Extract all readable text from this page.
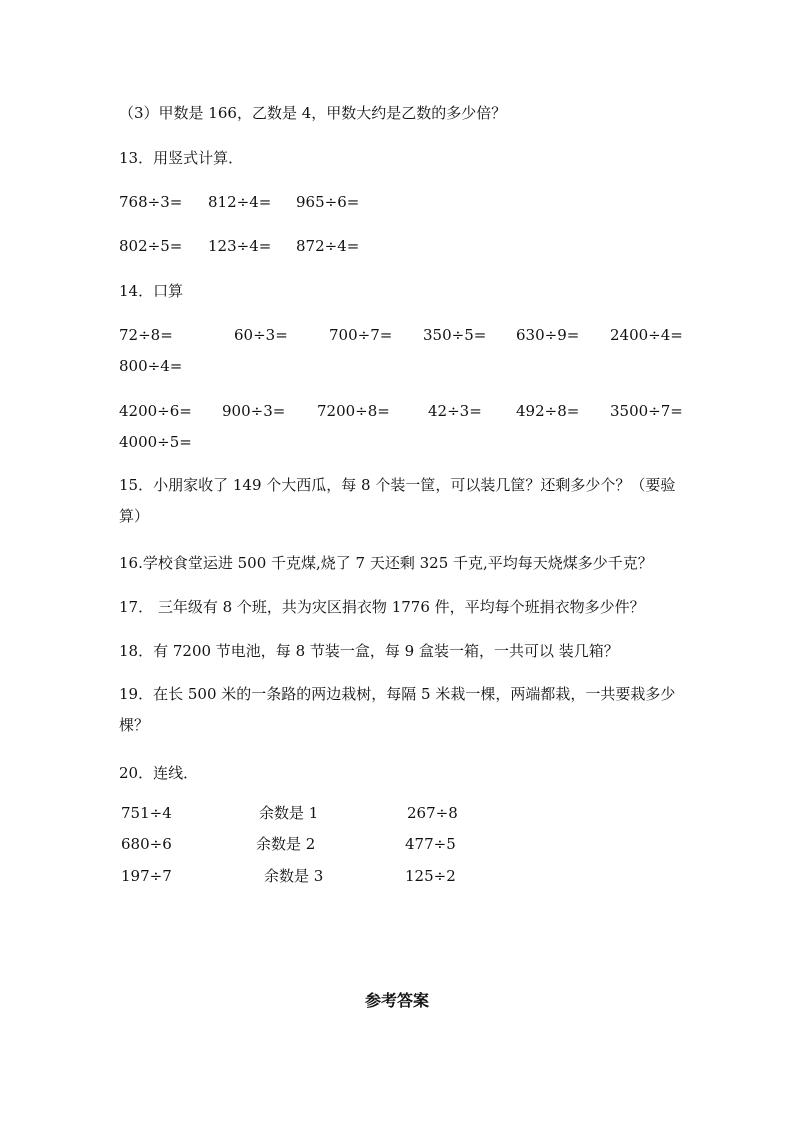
（3）甲数是 166，乙数是 4，甲数大约是乙数的多少倍？
13．用竖式计算．
768÷3= 812÷4= 965÷6=
802÷5= 123÷4= 872÷4=
14．口算
72÷8=	60÷3=	700÷7= 350÷5= 630÷9= 2400÷4=
800÷4=
4200÷6= 900÷3= 7200÷8=	42÷3= 492÷8= 3500÷7=
4000÷5=
15．小朋家收了 149 个大西瓜，每 8 个装一筐，可以装几筐？还剩多少个？（要验算）
16.学校食堂运进 500 千克煤,烧了 7 天还剩 325 千克,平均每天烧煤多少千克？
17． 三年级有 8 个班，共为灾区捐衣物 1776 件，平均每个班捐衣物多少件？
18．有 7200 节电池，每 8 节装一盒，每 9 盒装一箱，一共可以 装几箱？
19．在长 500 米的一条路的两边栽树，每隔 5 米栽一棵，两端都栽，一共要栽多少棵？
20．连线．
751÷4	余数是 1	267÷8
680÷6	余数是 2	477÷5
197÷7	余数是 3	125÷2
参考答案
